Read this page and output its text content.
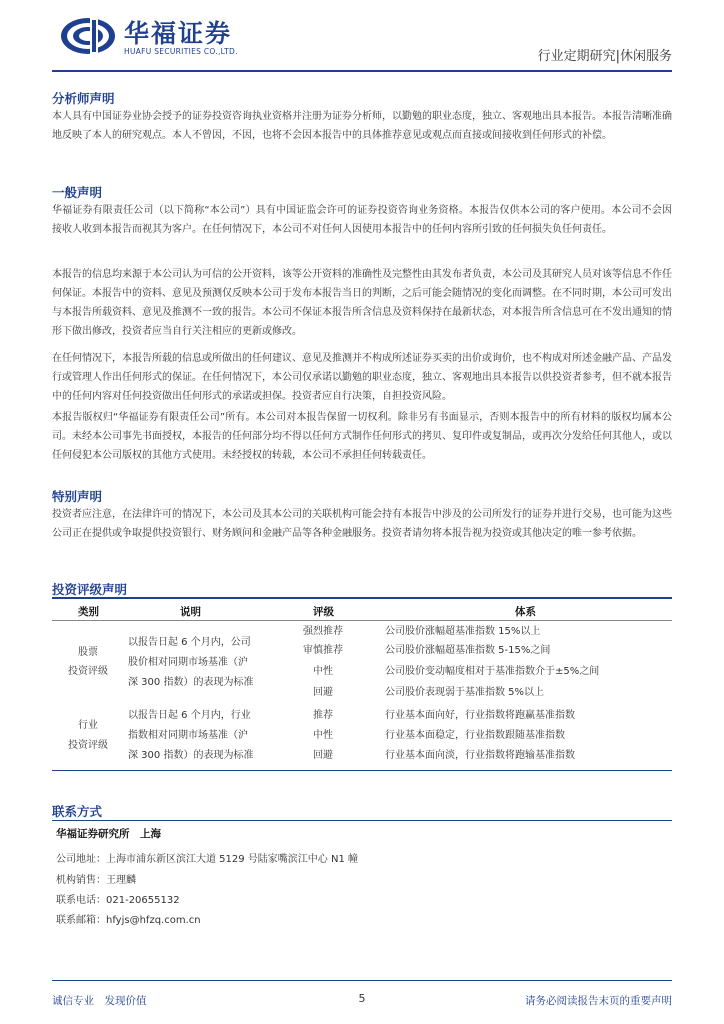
华福证券
HUAFU SECURITIES CO.,LTD.	行业定期研究|休闲服务
分析师声明
本人具有中国证券业协会授予的证券投资咨询执业资格并注册为证券分析师，以勤勉的职业态度，独立、客观地出具本报告。本报告清晰准确地反映了本人的研究观点。本人不曾因，不因，也将不会因本报告中的具体推荐意见或观点而直接或间接收到任何形式的补偿。
一般声明
华福证券有限责任公司（以下简称“本公司”）具有中国证监会许可的证券投资咨询业务资格。本报告仅供本公司的客户使用。本公司不会因接收人收到本报告而视其为客户。在任何情况下，本公司不对任何人因使用本报告中的任何内容所引致的任何损失负任何责任。
本报告的信息均来源于本公司认为可信的公开资料，该等公开资料的准确性及完整性由其发布者负责，本公司及其研究人员对该等信息不作任何保证。本报告中的资料、意见及预测仅反映本公司于发布本报告当日的判断，之后可能会随情况的变化而调整。在不同时期，本公司可发出与本报告所载资料、意见及推测不一致的报告。本公司不保证本报告所含信息及资料保持在最新状态，对本报告所含信息可在不发出通知的情形下做出修改，投资者应当自行关注相应的更新或修改。
在任何情况下，本报告所载的信息或所做出的任何建议、意见及推测并不构成所述证券买卖的出价或询价，也不构成对所述金融产品、产品发行或管理人作出任何形式的保证。在任何情况下，本公司仅承诺以勤勉的职业态度，独立、客观地出具本报告以供投资者参考，但不就本报告中的任何内容对任何投资做出任何形式的承诺或担保。投资者应自行决策，自担投资风险。
本报告版权归“华福证券有限责任公司”所有。本公司对本报告保留一切权利。除非另有书面显示，否则本报告中的所有材料的版权均属本公司。未经本公司事先书面授权，本报告的任何部分均不得以任何方式制作任何形式的拷贝、复印件或复制品，或再次分发给任何其他人，或以任何侵犯本公司版权的其他方式使用。未经授权的转载，本公司不承担任何转载责任。
特别声明
投资者应注意，在法律许可的情况下，本公司及其本公司的关联机构可能会持有本报告中涉及的公司所发行的证券并进行交易，也可能为这些公司正在提供或争取提供投资银行、财务顾问和金融产品等各种金融服务。投资者请勿将本报告视为投资或其他决定的唯一参考依据。
投资评级声明
类别	说明	评级	体系
股票
投资评级
以报告日起 6 个月内，公司
股价相对同期市场基准（沪
深 300 指数）的表现为标准
强烈推荐	公司股价涨幅超基准指数 15%以上
审慎推荐	公司股价涨幅超基准指数 5-15%之间
中性	公司股价变动幅度相对于基准指数介于±5%之间
回避	公司股价表现弱于基准指数 5%以上
行业
投资评级
以报告日起 6 个月内，行业
指数相对同期市场基准（沪
深 300 指数）的表现为标准
推荐	行业基本面向好，行业指数将跑赢基准指数
中性	行业基本面稳定，行业指数跟随基准指数
回避	行业基本面向淡，行业指数将跑输基准指数
联系方式
华福证券研究所　上海
公司地址：上海市浦东新区滨江大道 5129 号陆家嘴滨江中心 N1 幢
机构销售：王理麟
联系电话：021-20655132
联系邮箱：hfyjs@hfzq.com.cn
诚信专业　发现价值	5	请务必阅读报告末页的重要声明
